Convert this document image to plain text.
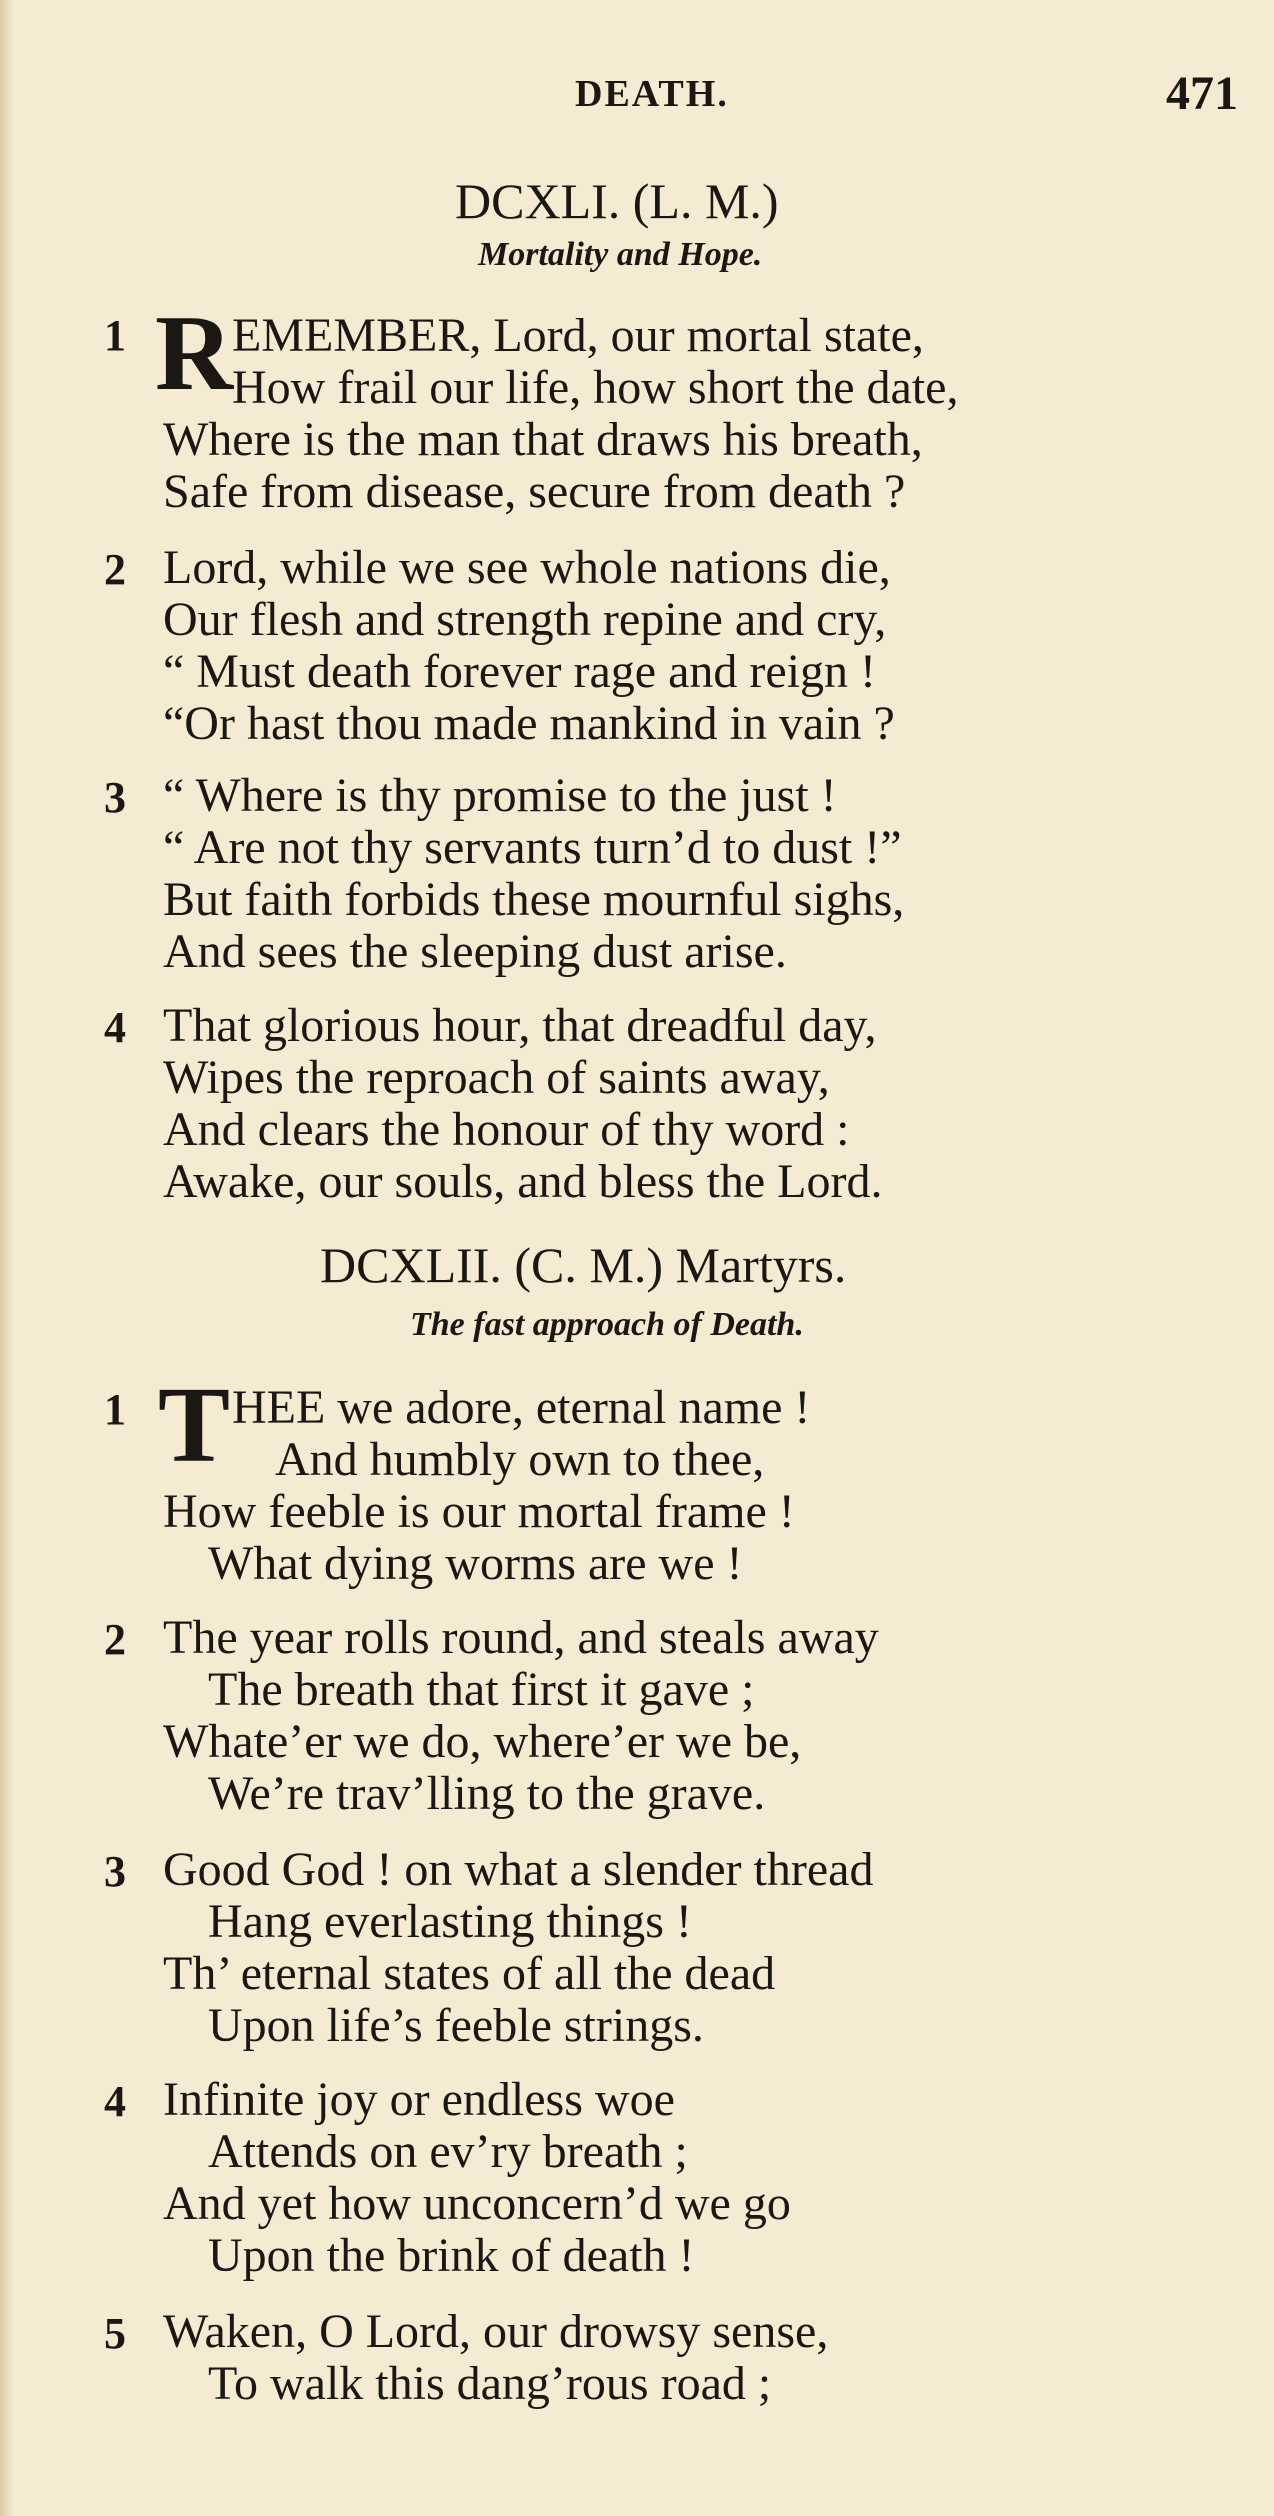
DEATH.	471
DCXLI. (L. M.)
Mortality and Hope.
1 R EMEMBER, Lord, our mortal state,
How frail our life, how short the date,
Where is the man that draws his breath,
Safe from disease, secure from death ?
2 Lord, while we see whole nations die,
Our flesh and strength repine and cry,
“ Must death forever rage and reign !
“Or hast thou made mankind in vain ?
3 “ Where is thy promise to the just !
“ Are not thy servants turn’d to dust !”
But faith forbids these mournful sighs,
And sees the sleeping dust arise.
4 That glorious hour, that dreadful day,
Wipes the reproach of saints away,
And clears the honour of thy word :
Awake, our souls, and bless the Lord.
DCXLII. (C. M.) Martyrs.
The fast approach of Death.
1 T HEE we adore, eternal name !
And humbly own to thee,
How feeble is our mortal frame !
What dying worms are we !
2 The year rolls round, and steals away
The breath that first it gave ;
Whate’er we do, where’er we be,
We’re trav’lling to the grave.
3 Good God ! on what a slender thread
Hang everlasting things !
Th’ eternal states of all the dead
Upon life’s feeble strings.
4 Infinite joy or endless woe
Attends on ev’ry breath ;
And yet how unconcern’d we go
Upon the brink of death !
5 Waken, O Lord, our drowsy sense,
To walk this dang’rous road ;
